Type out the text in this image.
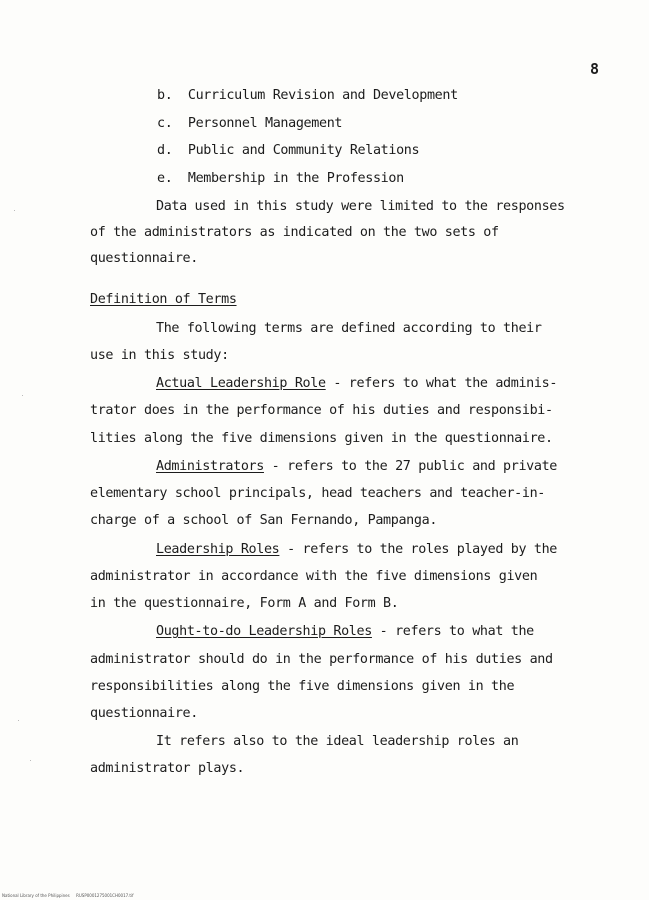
8
b. Curriculum Revision and Development
c. Personnel Management
d. Public and Community Relations
e. Membership in the Profession
Data used in this study were limited to the responses
of the administrators as indicated on the two sets of
questionnaire.
Definition of Terms
The following terms are defined according to their
use in this study:
Actual Leadership Role - refers to what the adminis-
trator does in the performance of his duties and responsibi-
lities along the five dimensions given in the questionnaire.
Administrators - refers to the 27 public and private
elementary school principals, head teachers and teacher-in-
charge of a school of San Fernando, Pampanga.
Leadership Roles - refers to the roles played by the
administrator in accordance with the five dimensions given
in the questionnaire, Form A and Form B.
Ought-to-do Leadership Roles - refers to what the
administrator should do in the performance of his duties and
responsibilities along the five dimensions given in the
questionnaire.
It refers also to the ideal leadership roles an
administrator plays.
National Library of the Philippines     RUSP0001275001CH0017.tif
